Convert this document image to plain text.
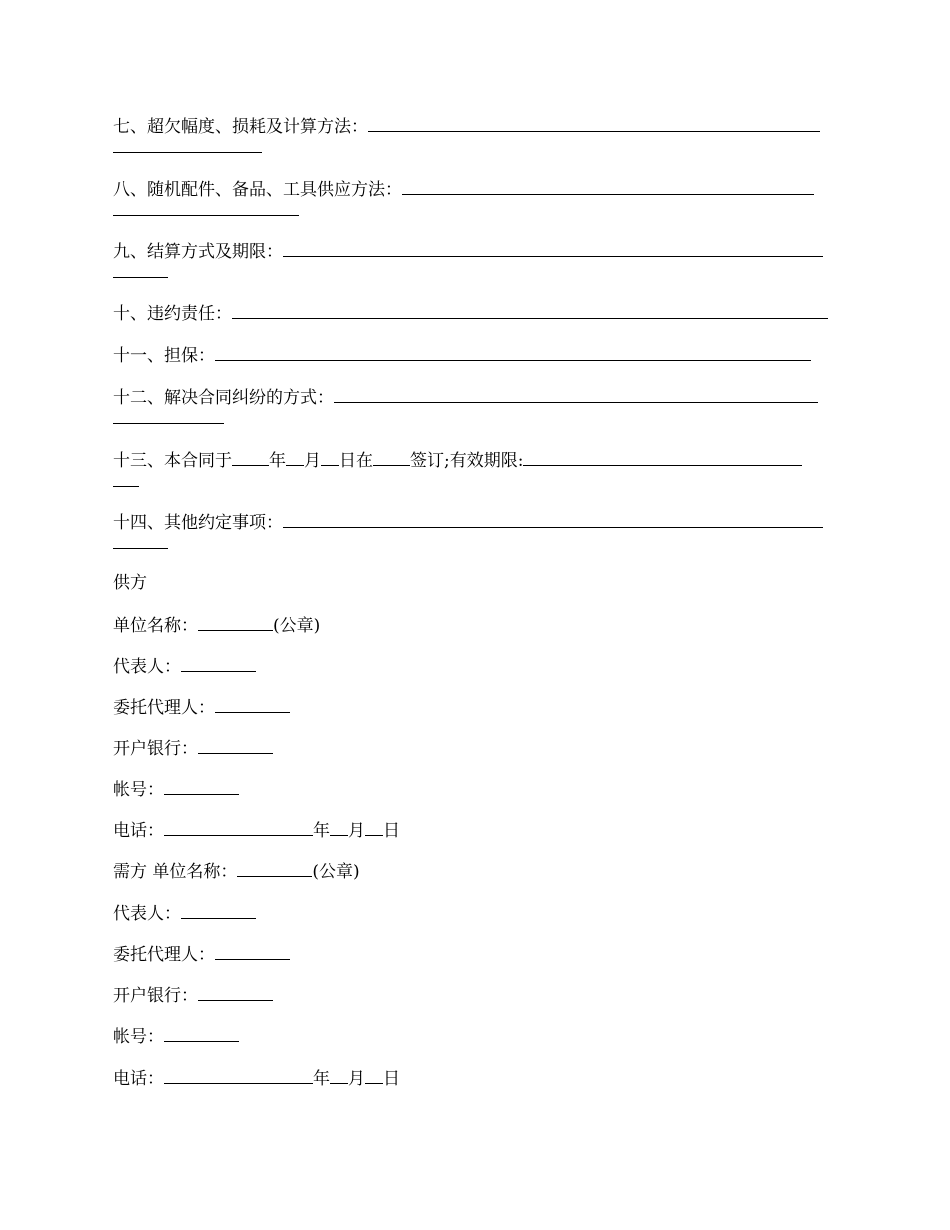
七、超欠幅度、损耗及计算方法：
八、随机配件、备品、工具供应方法：
九、结算方式及期限：
十、违约责任：
十一、担保：
十二、解决合同纠纷的方式：
十三、本合同于 年 月 日在 签订;有效期限:
十四、其他约定事项：
供方
单位名称：	(公章)
代表人：
委托代理人：
开户银行：
帐号：
电话：	年 月 日
需方 单位名称：	(公章)
代表人：
委托代理人：
开户银行：
帐号：
电话：	年 月 日
